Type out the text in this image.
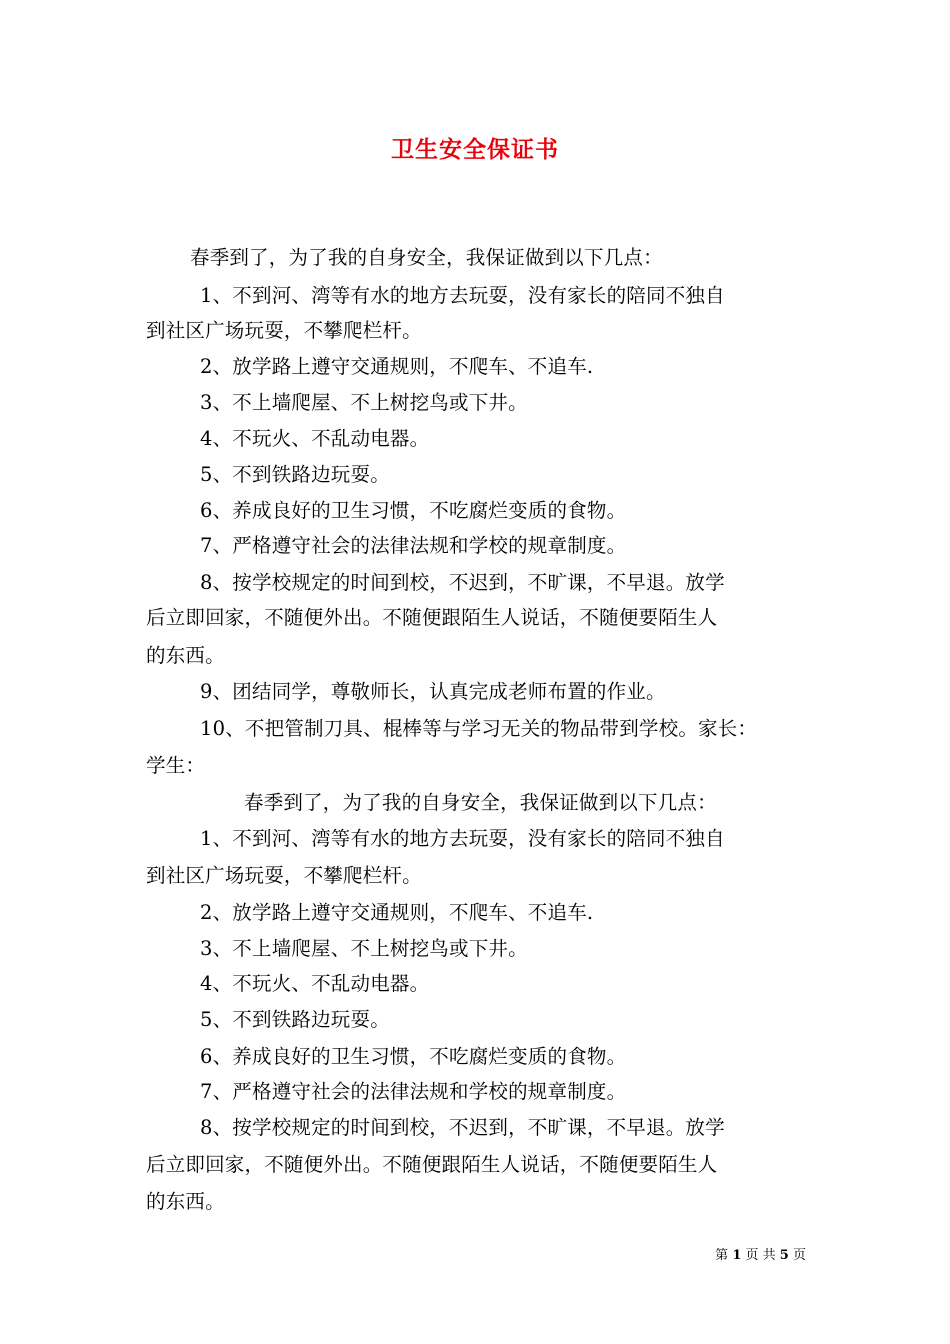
卫生安全保证书
春季到了，为了我的自身安全，我保证做到以下几点：
1、不到河、湾等有水的地方去玩耍，没有家长的陪同不独自
到社区广场玩耍，不攀爬栏杆。
2、放学路上遵守交通规则，不爬车、不追车.
3、不上墙爬屋、不上树挖鸟或下井。
4、不玩火、不乱动电器。
5、不到铁路边玩耍。
6、养成良好的卫生习惯，不吃腐烂变质的食物。
7、严格遵守社会的法律法规和学校的规章制度。
8、按学校规定的时间到校，不迟到，不旷课，不早退。放学
后立即回家，不随便外出。不随便跟陌生人说话，不随便要陌生人
的东西。
9、团结同学，尊敬师长，认真完成老师布置的作业。
10、不把管制刀具、棍棒等与学习无关的物品带到学校。家长：
学生：
春季到了，为了我的自身安全，我保证做到以下几点：
1、不到河、湾等有水的地方去玩耍，没有家长的陪同不独自
到社区广场玩耍，不攀爬栏杆。
2、放学路上遵守交通规则，不爬车、不追车.
3、不上墙爬屋、不上树挖鸟或下井。
4、不玩火、不乱动电器。
5、不到铁路边玩耍。
6、养成良好的卫生习惯，不吃腐烂变质的食物。
7、严格遵守社会的法律法规和学校的规章制度。
8、按学校规定的时间到校，不迟到，不旷课，不早退。放学
后立即回家，不随便外出。不随便跟陌生人说话，不随便要陌生人
的东西。
第 1 页 共 5 页
